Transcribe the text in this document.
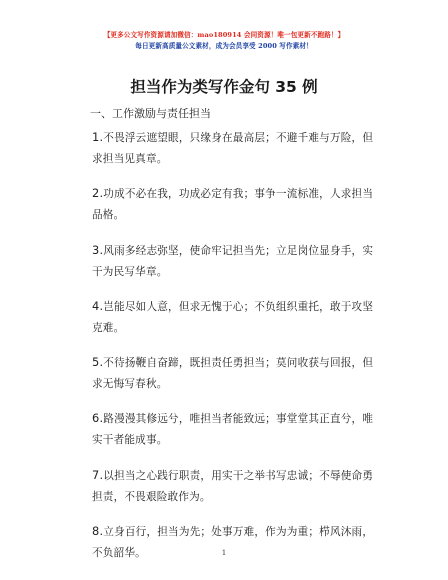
【更多公文写作资源请加微信：mao180914 会同资源！唯一包更新不跑路！】
每日更新高质量公文素材，成为会员享受 2000 写作素材！
担当作为类写作金句 35 例
一、工作激励与责任担当

1.不畏浮云遮望眼，只缘身在最高层；不避千难与万险，但求担当见真章。

2.功成不必在我，功成必定有我；事争一流标准，人求担当品格。

3.风雨多经志弥坚，使命牢记担当先；立足岗位显身手，实干为民写华章。

4.岂能尽如人意，但求无愧于心；不负组织重托，敢于攻坚克难。

5.不待扬鞭自奋蹄，既担责任勇担当；莫问收获与回报，但求无悔写春秋。

6.路漫漫其修远兮，唯担当者能致远；事堂堂其正直兮，唯实干者能成事。

7.以担当之心践行职责，用实干之举书写忠诚；不辱使命勇担责，不畏艰险敢作为。

8.立身百行，担当为先；处事万难，作为为重；栉风沐雨，不负韶华。	1
